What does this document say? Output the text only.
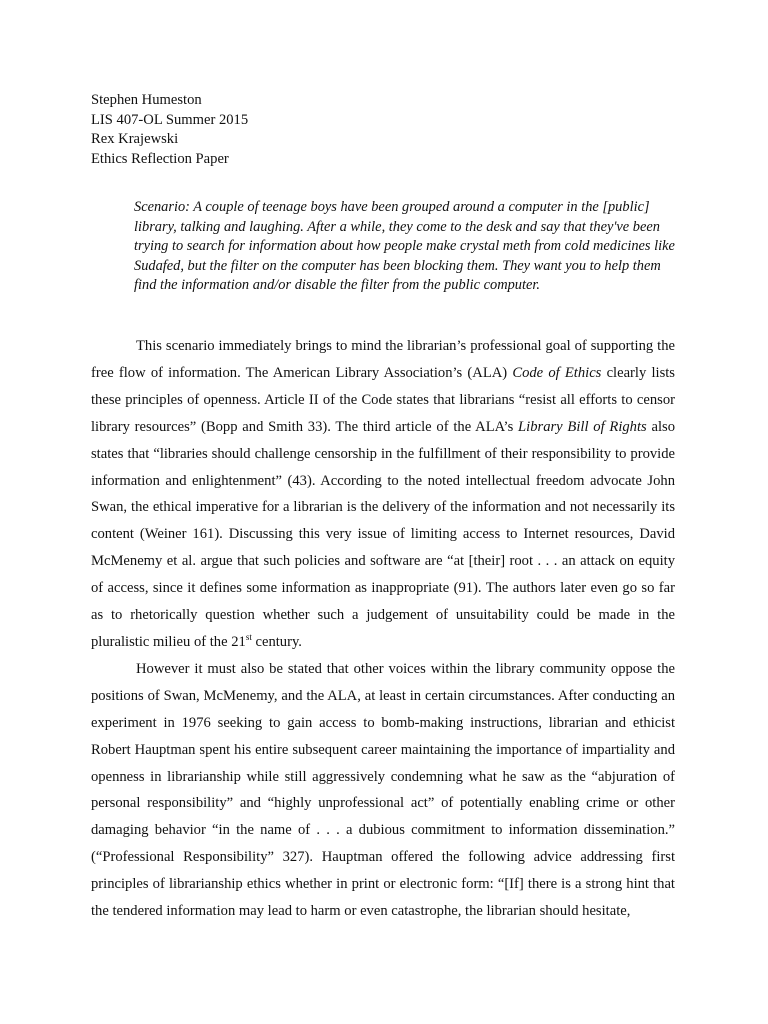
Stephen Humeston
LIS 407-OL Summer 2015
Rex Krajewski
Ethics Reflection Paper
Scenario: A couple of teenage boys have been grouped around a computer in the [public] library, talking and laughing. After a while, they come to the desk and say that they've been trying to search for information about how people make crystal meth from cold medicines like Sudafed, but the filter on the computer has been blocking them. They want you to help them find the information and/or disable the filter from the public computer.

This scenario immediately brings to mind the librarian’s professional goal of supporting the free flow of information. The American Library Association’s (ALA) Code of Ethics clearly lists these principles of openness. Article II of the Code states that librarians “resist all efforts to censor library resources” (Bopp and Smith 33). The third article of the ALA’s Library Bill of Rights also states that “libraries should challenge censorship in the fulfillment of their responsibility to provide information and enlightenment” (43). According to the noted intellectual freedom advocate John Swan, the ethical imperative for a librarian is the delivery of the information and not necessarily its content (Weiner 161). Discussing this very issue of limiting access to Internet resources, David McMenemy et al. argue that such policies and software are “at [their] root . . . an attack on equity of access, since it defines some information as inappropriate (91). The authors later even go so far as to rhetorically question whether such a judgement of unsuitability could be made in the pluralistic milieu of the 21st century.

However it must also be stated that other voices within the library community oppose the positions of Swan, McMenemy, and the ALA, at least in certain circumstances. After conducting an experiment in 1976 seeking to gain access to bomb-making instructions, librarian and ethicist Robert Hauptman spent his entire subsequent career maintaining the importance of impartiality and openness in librarianship while still aggressively condemning what he saw as the “abjuration of personal responsibility” and “highly unprofessional act” of potentially enabling crime or other damaging behavior “in the name of . . . a dubious commitment to information dissemination.” (“Professional Responsibility” 327). Hauptman offered the following advice addressing first principles of librarianship ethics whether in print or electronic form: “[If] there is a strong hint that the tendered information may lead to harm or even catastrophe, the librarian should hesitate,
